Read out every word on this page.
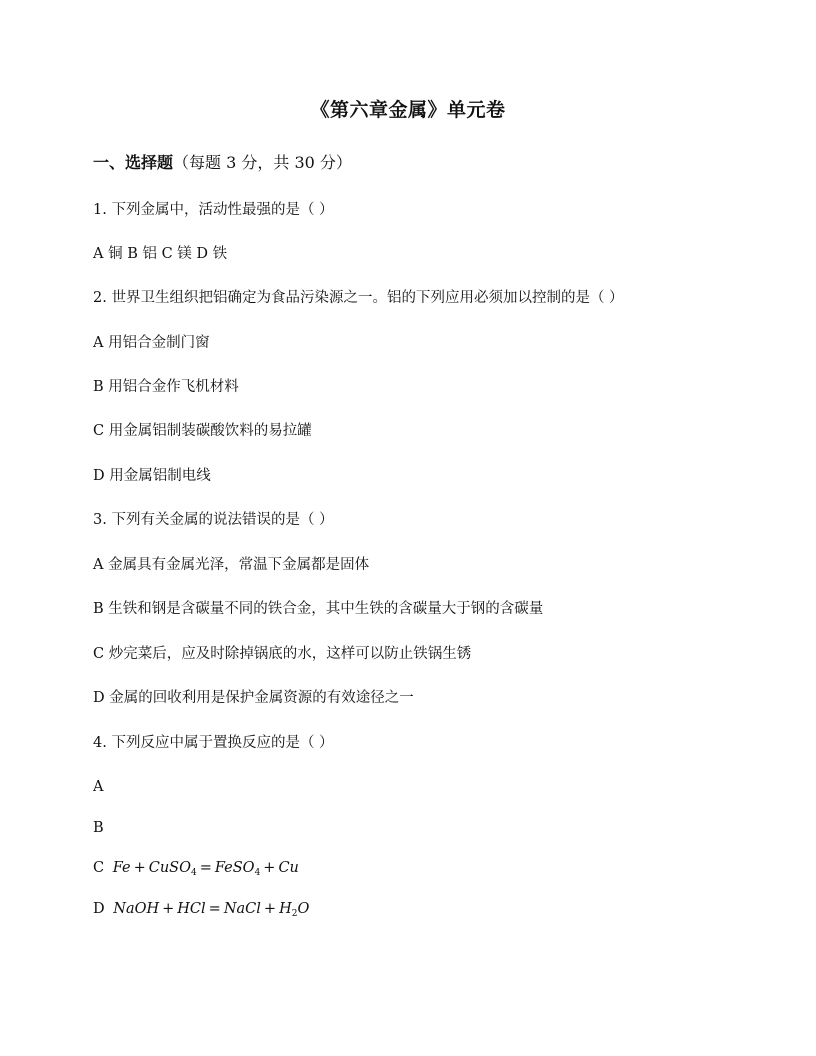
《第六章金属》单元卷
一、选择题（每题 3 分，共 30 分）
1. 下列金属中，活动性最强的是（ ）
A 铜 B 铝 C 镁 D 铁
2. 世界卫生组织把铝确定为食品污染源之一。铝的下列应用必须加以控制的是（ ）
A 用铝合金制门窗
B 用铝合金作飞机材料
C 用金属铝制装碳酸饮料的易拉罐
D 用金属铝制电线
3. 下列有关金属的说法错误的是（ ）
A 金属具有金属光泽，常温下金属都是固体
B 生铁和钢是含碳量不同的铁合金，其中生铁的含碳量大于钢的含碳量
C 炒完菜后，应及时除掉锅底的水，这样可以防止铁锅生锈
D 金属的回收利用是保护金属资源的有效途径之一
4. 下列反应中属于置换反应的是（ ）
A
B
C Fe + CuSO$_4$ = FeSO$_4$ + Cu
D NaOH + HCl = NaCl + $H_2O$
